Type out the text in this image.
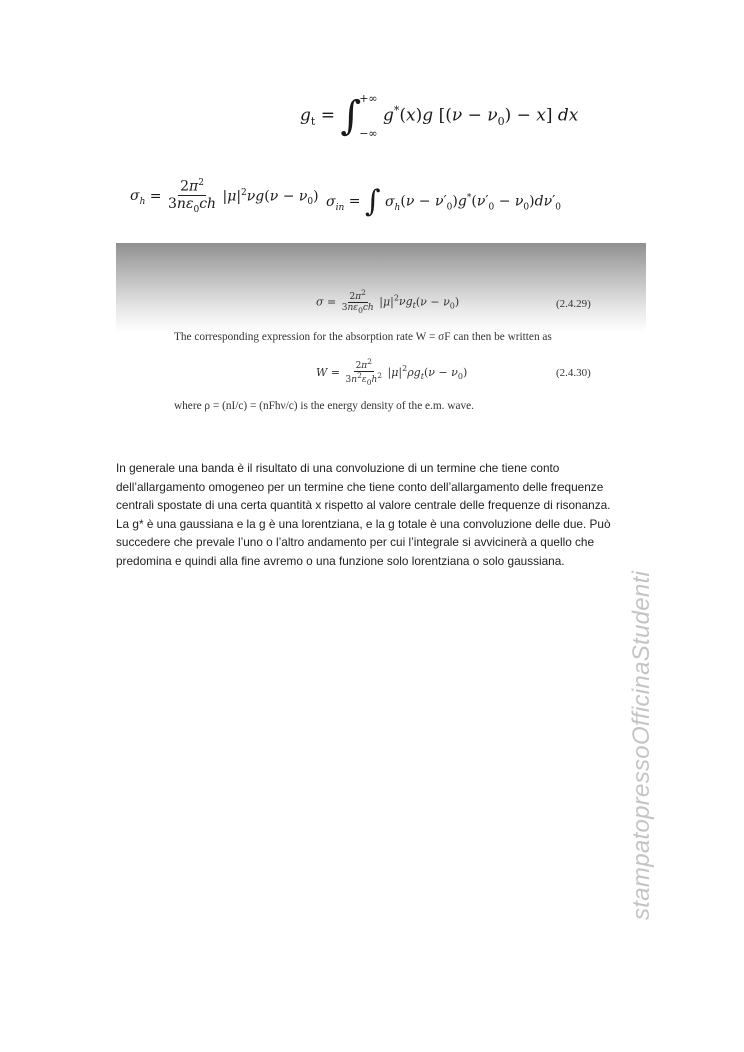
$g_t$ = ∫
+∞
−∞
g*(x)g $[(\nu - \nu_0) - x]$ dx
$\sigma_h = \frac{2\pi^2}{3n\varepsilon_0ch} |\mu|^2\nu g(\nu - \nu_0) \sigma_{in}$ = ∫ $\sigma_h(\nu - \nu'_0)g^*(\nu'_0 - \nu_0)d\nu'_0$
$\sigma = \frac{2\pi^2}{3n\varepsilon_0ch} |\mu|^2\nu g_t(\nu - \nu_0)$	(2.4.29)
The corresponding expression for the absorption rate W = σF can then be written as
$W = \frac{2\pi^2}{3n^2\varepsilon_0h^2} |\mu|^2\rho g_t(\nu - \nu_0)$	(2.4.30)
where ρ = (nI/c) = (nFhν/c) is the energy density of the e.m. wave.
In generale una banda è il risultato di una convoluzione di un termine che tiene conto
dell’allargamento omogeneo per un termine che tiene conto dell’allargamento delle frequenze
centrali spostate di una certa quantità x rispetto al valore centrale delle frequenze di risonanza.
La g* è una gaussiana e la g è una lorentziana, e la g totale è una convoluzione delle due. Può
succedere che prevale l’uno o l’altro andamento per cui l’integrale si avvicinerà a quello che
predomina e quindi alla fine avremo o una funzione solo lorentziana o solo gaussiana.
stampatopressoOfficinaStudenti
